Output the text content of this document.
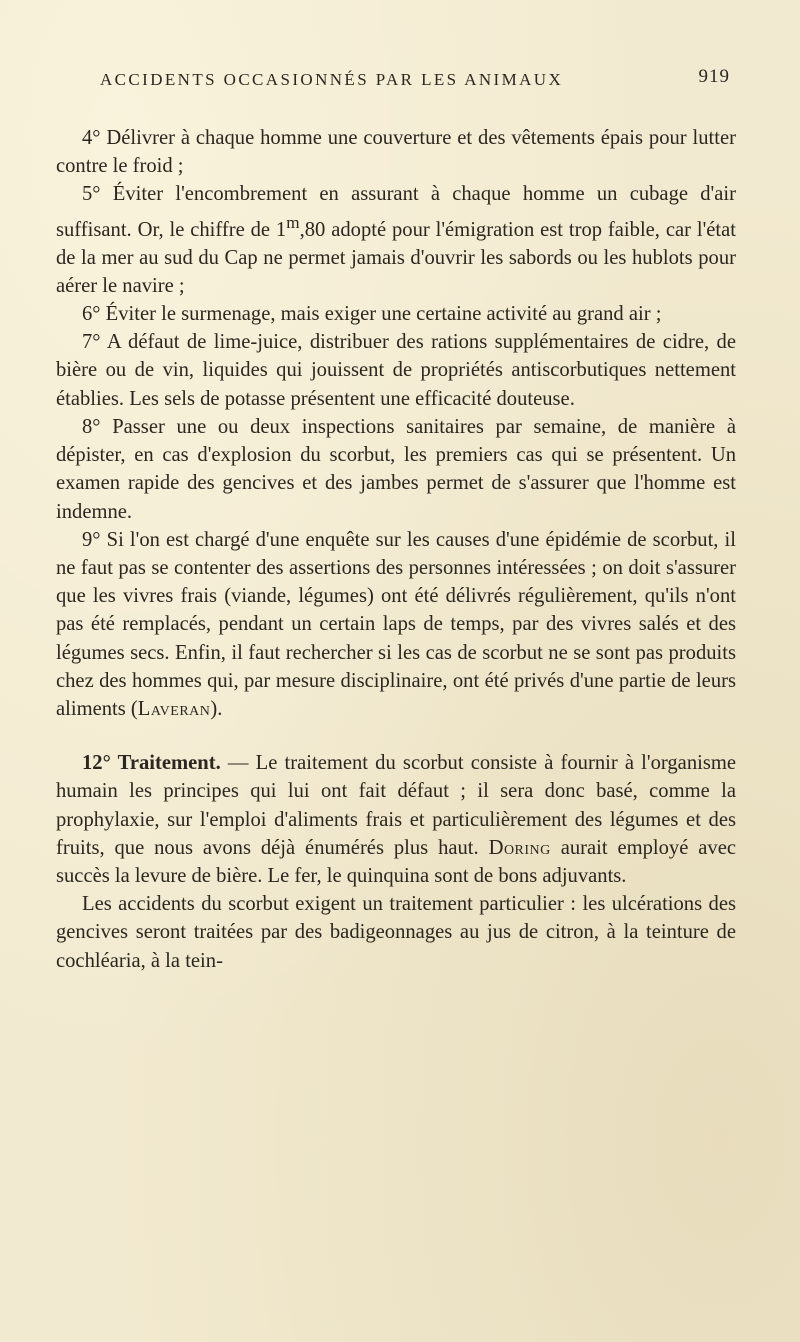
ACCIDENTS OCCASIONNÉS PAR LES ANIMAUX	919

4° Délivrer à chaque homme une couverture et des vêtements épais pour lutter contre le froid ;

5° Éviter l'encombrement en assurant à chaque homme un cubage d'air suffisant. Or, le chiffre de 1$^m$,80 adopté pour l'émigration est trop faible, car l'état de la mer au sud du Cap ne permet jamais d'ouvrir les sabords ou les hublots pour aérer le navire ;

6° Éviter le surmenage, mais exiger une certaine activité au grand air ;

7° A défaut de lime-juice, distribuer des rations supplémentaires de cidre, de bière ou de vin, liquides qui jouissent de propriétés antiscorbutiques nettement établies. Les sels de potasse présentent une efficacité douteuse.

8° Passer une ou deux inspections sanitaires par semaine, de manière à dépister, en cas d'explosion du scorbut, les premiers cas qui se présentent. Un examen rapide des gencives et des jambes permet de s'assurer que l'homme est indemne.

9° Si l'on est chargé d'une enquête sur les causes d'une épidémie de scorbut, il ne faut pas se contenter des assertions des personnes intéressées ; on doit s'assurer que les vivres frais (viande, légumes) ont été délivrés régulièrement, qu'ils n'ont pas été remplacés, pendant un certain laps de temps, par des vivres salés et des légumes secs. Enfin, il faut rechercher si les cas de scorbut ne se sont pas produits chez des hommes qui, par mesure disciplinaire, ont été privés d'une partie de leurs aliments (Laveran).

12° Traitement. — Le traitement du scorbut consiste à fournir à l'organisme humain les principes qui lui ont fait défaut ; il sera donc basé, comme la prophylaxie, sur l'emploi d'aliments frais et particulièrement des légumes et des fruits, que nous avons déjà énumérés plus haut. Doring aurait employé avec succès la levure de bière. Le fer, le quinquina sont de bons adjuvants.

Les accidents du scorbut exigent un traitement particulier : les ulcérations des gencives seront traitées par des badigeonnages au jus de citron, à la teinture de cochléaria, à la tein-
